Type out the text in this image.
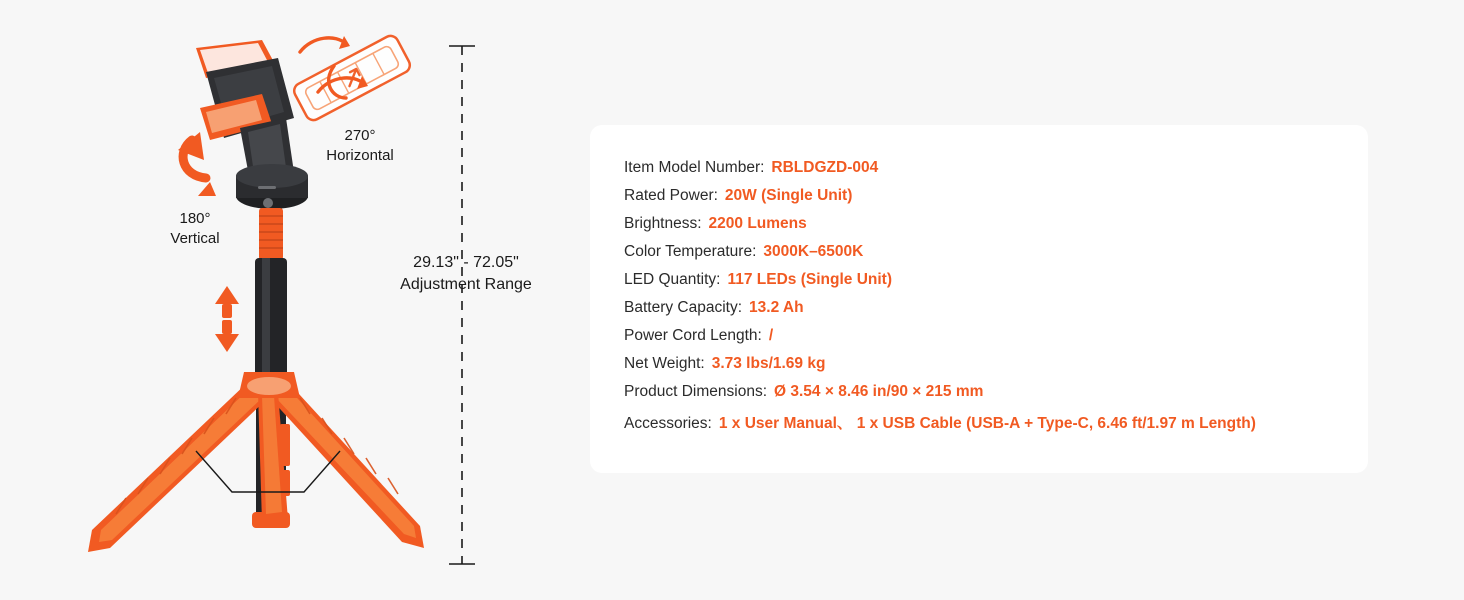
270°
Horizontal
180°
Vertical
29.13" - 72.05"
Adjustment Range
Item Model Number: RBLDGZD-004
Rated Power: 20W (Single Unit)
Brightness: 2200 Lumens
Color Temperature: 3000K–6500K
LED Quantity: 117 LEDs (Single Unit)
Battery Capacity: 13.2 Ah
Power Cord Length: /
Net Weight: 3.73 lbs/1.69 kg
Product Dimensions: Ø 3.54 × 8.46 in/90 × 215 mm
Accessories: 1 x User Manual、 1 x USB Cable (USB-A + Type-C, 6.46 ft/1.97 m Length)
